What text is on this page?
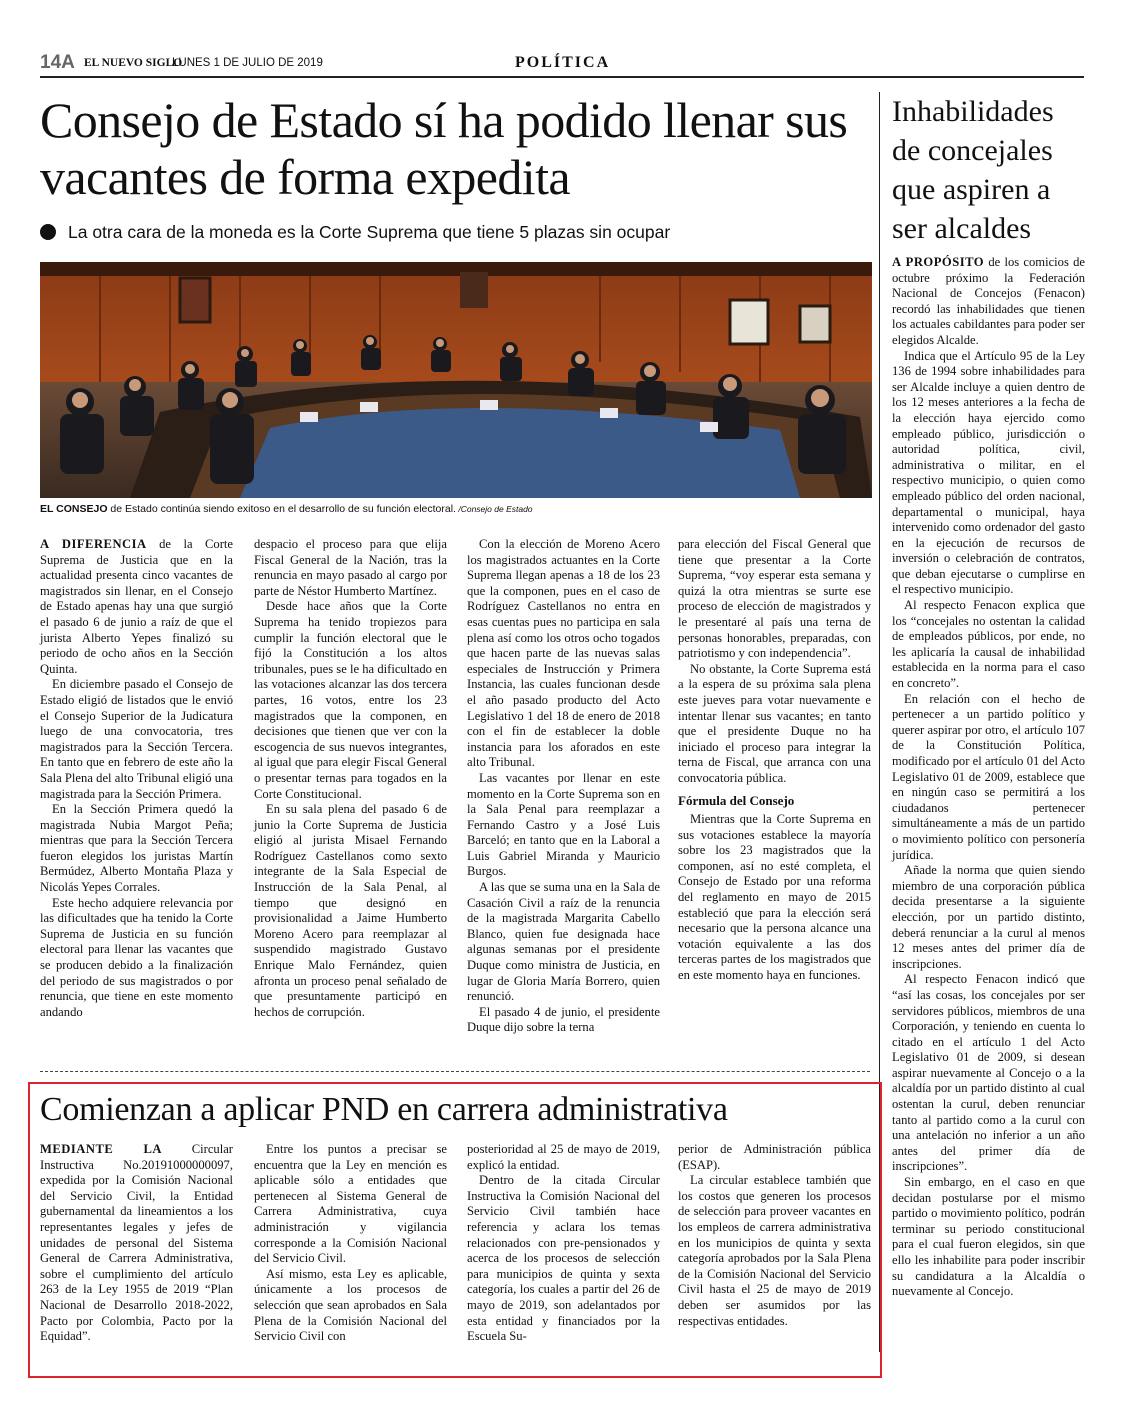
14A EL NUEVO SIGLO
LUNES 1 DE JULIO DE 2019	POLÍTICA
Consejo de Estado sí ha podido llenar sus vacantes de forma expedita
La otra cara de la moneda es la Corte Suprema que tiene 5 plazas sin ocupar
EL CONSEJO de Estado continúa siendo exitoso en el desarrollo de su función electoral. /Consejo de Estado

A DIFERENCIA de la Corte Suprema de Justicia que en la actualidad presenta cinco vacantes de magistrados sin llenar, en el Consejo de Estado apenas hay una que surgió el pasado 6 de junio a raíz de que el jurista Alberto Yepes finalizó su periodo de ocho años en la Sección Quinta.

En diciembre pasado el Consejo de Estado eligió de listados que le envió el Consejo Superior de la Judicatura luego de una convocatoria, tres magistrados para la Sección Tercera. En tanto que en febrero de este año la Sala Plena del alto Tribunal eligió una magistrada para la Sección Primera.

En la Sección Primera quedó la magistrada Nubia Margot Peña; mientras que para la Sección Tercera fueron elegidos los juristas Martín Bermúdez, Alberto Montaña Plaza y Nicolás Yepes Corrales.

Este hecho adquiere relevancia por las dificultades que ha tenido la Corte Suprema de Justicia en su función electoral para llenar las vacantes que se producen debido a la finalización del periodo de sus magistrados o por renuncia, que tiene en este momento andando

despacio el proceso para que elija Fiscal General de la Nación, tras la renuncia en mayo pasado al cargo por parte de Néstor Humberto Martínez.

Desde hace años que la Corte Suprema ha tenido tropiezos para cumplir la función electoral que le fijó la Constitución a los altos tribunales, pues se le ha dificultado en las votaciones alcanzar las dos tercera partes, 16 votos, entre los 23 magistrados que la componen, en decisiones que tienen que ver con la escogencia de sus nuevos integrantes, al igual que para elegir Fiscal General o presentar ternas para togados en la Corte Constitucional.

En su sala plena del pasado 6 de junio la Corte Suprema de Justicia eligió al jurista Misael Fernando Rodríguez Castellanos como sexto integrante de la Sala Especial de Instrucción de la Sala Penal, al tiempo que designó en provisionalidad a Jaime Humberto Moreno Acero para reemplazar al suspendido magistrado Gustavo Enrique Malo Fernández, quien afronta un proceso penal señalado de que presuntamente participó en hechos de corrupción.

Con la elección de Moreno Acero los magistrados actuantes en la Corte Suprema llegan apenas a 18 de los 23 que la componen, pues en el caso de Rodríguez Castellanos no entra en esas cuentas pues no participa en sala plena así como los otros ocho togados que hacen parte de las nuevas salas especiales de Instrucción y Primera Instancia, las cuales funcionan desde el año pasado producto del Acto Legislativo 1 del 18 de enero de 2018 con el fin de establecer la doble instancia para los aforados en este alto Tribunal.

Las vacantes por llenar en este momento en la Corte Suprema son en la Sala Penal para reemplazar a Fernando Castro y a José Luis Barceló; en tanto que en la Laboral a Luis Gabriel Miranda y Mauricio Burgos.

A las que se suma una en la Sala de Casación Civil a raíz de la renuncia de la magistrada Margarita Cabello Blanco, quien fue designada hace algunas semanas por el presidente Duque como ministra de Justicia, en lugar de Gloria María Borrero, quien renunció.

El pasado 4 de junio, el presidente Duque dijo sobre la terna

para elección del Fiscal General que tiene que presentar a la Corte Suprema, “voy esperar esta semana y quizá la otra mientras se surte ese proceso de elección de magistrados y le presentaré al país una terna de personas honorables, preparadas, con patriotismo y con independencia”.

No obstante, la Corte Suprema está a la espera de su próxima sala plena este jueves para votar nuevamente e intentar llenar sus vacantes; en tanto que el presidente Duque no ha iniciado el proceso para integrar la terna de Fiscal, que arranca con una convocatoria pública.

Fórmula del Consejo

Mientras que la Corte Suprema en sus votaciones establece la mayoría sobre los 23 magistrados que la componen, así no esté completa, el Consejo de Estado por una reforma del reglamento en mayo de 2015 estableció que para la elección será necesario que la persona alcance una votación equivalente a las dos terceras partes de los magistrados que en este momento haya en funciones.

Inhabilidades de concejales que aspiren a ser alcaldes

A PROPÓSITO de los comicios de octubre próximo la Federación Nacional de Concejos (Fenacon) recordó las inhabilidades que tienen los actuales cabildantes para poder ser elegidos Alcalde.

Indica que el Artículo 95 de la Ley 136 de 1994 sobre inhabilidades para ser Alcalde incluye a quien dentro de los 12 meses anteriores a la fecha de la elección haya ejercido como empleado público, jurisdicción o autoridad política, civil, administrativa o militar, en el respectivo municipio, o quien como empleado público del orden nacional, departamental o municipal, haya intervenido como ordenador del gasto en la ejecución de recursos de inversión o celebración de contratos, que deban ejecutarse o cumplirse en el respectivo municipio.

Al respecto Fenacon explica que los “concejales no ostentan la calidad de empleados públicos, por ende, no les aplicaría la causal de inhabilidad establecida en la norma para el caso en concreto”.

En relación con el hecho de pertenecer a un partido político y querer aspirar por otro, el artículo 107 de la Constitución Política, modificado por el artículo 01 del Acto Legislativo 01 de 2009, establece que en ningún caso se permitirá a los ciudadanos pertenecer simultáneamente a más de un partido o movimiento político con personería jurídica.

Añade la norma que quien siendo miembro de una corporación pública decida presentarse a la siguiente elección, por un partido distinto, deberá renunciar a la curul al menos 12 meses antes del primer día de inscripciones.

Al respecto Fenacon indicó que “así las cosas, los concejales por ser servidores públicos, miembros de una Corporación, y teniendo en cuenta lo citado en el artículo 1 del Acto Legislativo 01 de 2009, si desean aspirar nuevamente al Concejo o a la alcaldía por un partido distinto al cual ostentan la curul, deben renunciar tanto al partido como a la curul con una antelación no inferior a un año antes del primer día de inscripciones”.

Sin embargo, en el caso en que decidan postularse por el mismo partido o movimiento político, podrán terminar su periodo constitucional para el cual fueron elegidos, sin que ello les inhabilite para poder inscribir su candidatura a la Alcaldía o nuevamente al Concejo.

Comienzan a aplicar PND en carrera administrativa

MEDIANTE LA Circular Instructiva No.20191000000097, expedida por la Comisión Nacional del Servicio Civil, la Entidad gubernamental da lineamientos a los representantes legales y jefes de unidades de personal del Sistema General de Carrera Administrativa, sobre el cumplimiento del artículo 263 de la Ley 1955 de 2019 “Plan Nacional de Desarrollo 2018-2022, Pacto por Colombia, Pacto por la Equidad”.

Entre los puntos a precisar se encuentra que la Ley en mención es aplicable sólo a entidades que pertenecen al Sistema General de Carrera Administrativa, cuya administración y vigilancia corresponde a la Comisión Nacional del Servicio Civil.

Así mismo, esta Ley es aplicable, únicamente a los procesos de selección que sean aprobados en Sala Plena de la Comisión Nacional del Servicio Civil con

posterioridad al 25 de mayo de 2019, explicó la entidad.

Dentro de la citada Circular Instructiva la Comisión Nacional del Servicio Civil también hace referencia y aclara los temas relacionados con pre-pensionados y acerca de los procesos de selección para municipios de quinta y sexta categoría, los cuales a partir del 26 de mayo de 2019, son adelantados por esta entidad y financiados por la Escuela Su-

perior de Administración pública (ESAP).

La circular establece también que los costos que generen los procesos de selección para proveer vacantes en los empleos de carrera administrativa en los municipios de quinta y sexta categoría aprobados por la Sala Plena de la Comisión Nacional del Servicio Civil hasta el 25 de mayo de 2019 deben ser asumidos por las respectivas entidades.
